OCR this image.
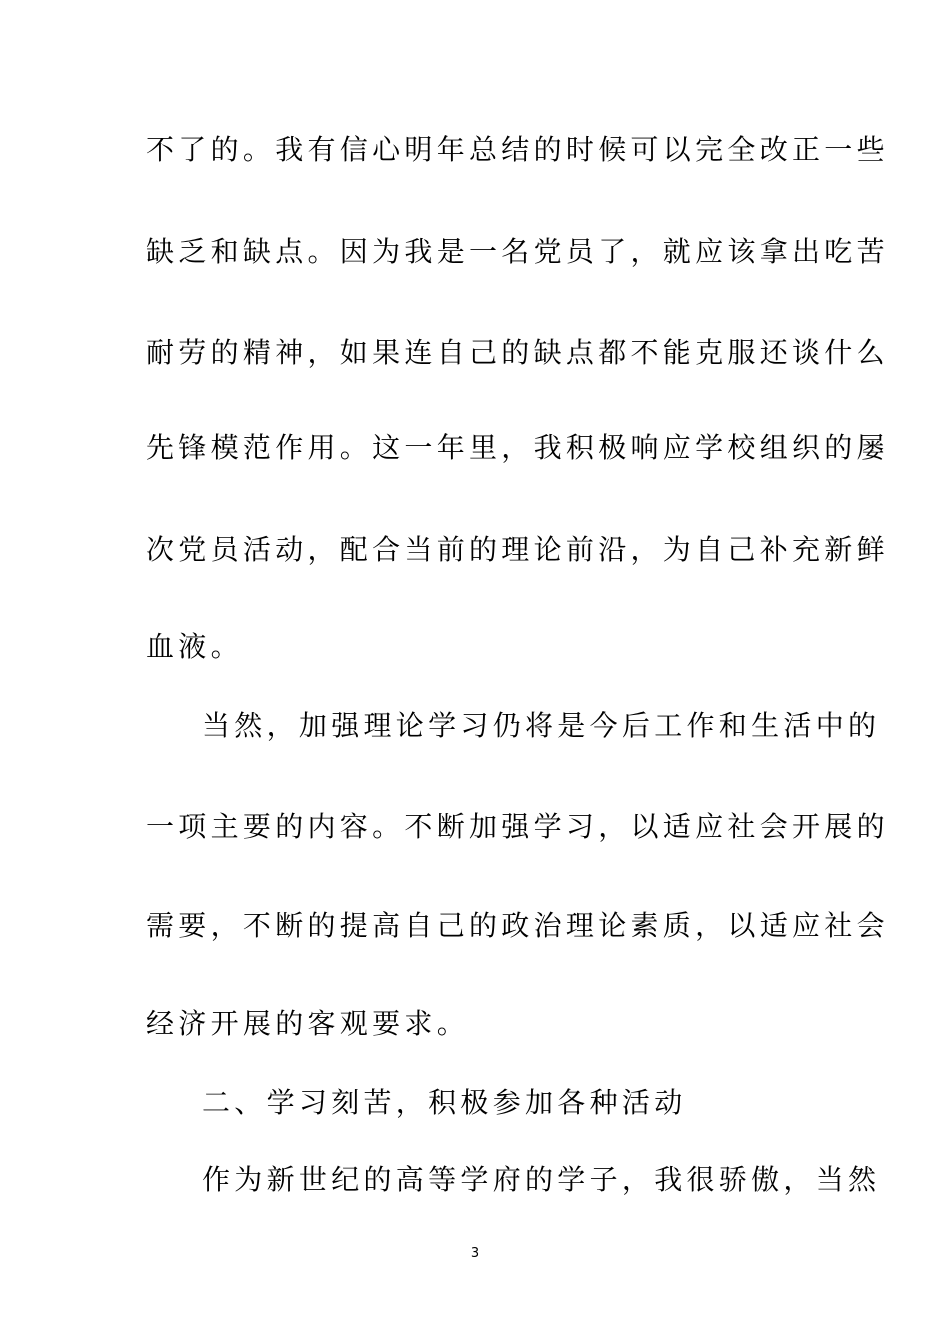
不了的。我有信心明年总结的时候可以完全改正一些
缺乏和缺点。因为我是一名党员了，就应该拿出吃苦
耐劳的精神，如果连自己的缺点都不能克服还谈什么
先锋模范作用。这一年里，我积极响应学校组织的屡
次党员活动，配合当前的理论前沿，为自己补充新鲜
血液。
当然，加强理论学习仍将是今后工作和生活中的
一项主要的内容。不断加强学习，以适应社会开展的
需要，不断的提高自己的政治理论素质，以适应社会
经济开展的客观要求。
二、学习刻苦，积极参加各种活动
作为新世纪的高等学府的学子，我很骄傲，当然
3
